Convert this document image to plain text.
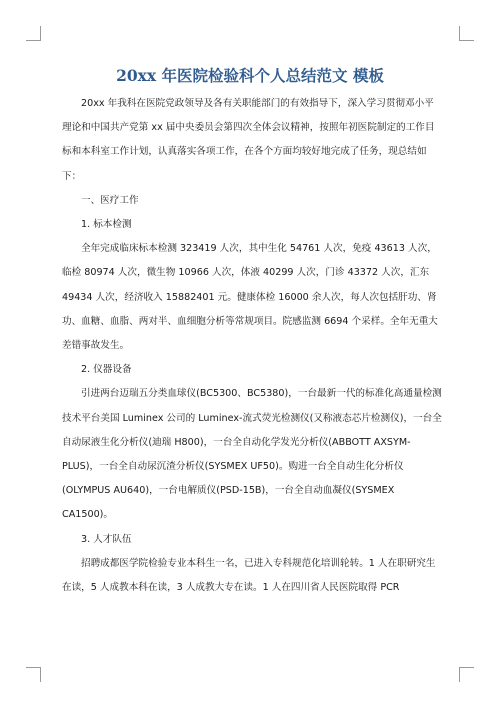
20xx 年医院检验科个人总结范文 模板

20xx 年我科在医院党政领导及各有关职能部门的有效指导下，深入学习贯彻邓小平理论和中国共产党第 xx 届中央委员会第四次全体会议精神，按照年初医院制定的工作目标和本科室工作计划，认真落实各项工作，在各个方面均较好地完成了任务，现总结如下：

一、医疗工作

1. 标本检测

全年完成临床标本检测 323419 人次，其中生化 54761 人次，免疫 43613 人次，临检 80974 人次，微生物 10966 人次，体液 40299 人次，门诊 43372 人次，汇东 49434 人次，经济收入 15882401 元。健康体检 16000 余人次，每人次包括肝功、肾功、血糖、血脂、两对半、血细胞分析等常规项目。院感监测 6694 个采样。全年无重大差错事故发生。

2. 仪器设备

引进两台迈瑞五分类血球仪(BC5300、BC5380)，一台最新一代的标准化高通量检测技术平台美国 Luminex 公司的 Luminex-流式荧光检测仪(又称液态芯片检测仪)，一台全自动尿液生化分析仪(迪瑞 H800)，一台全自动化学发光分析仪(ABBOTT AXSYM-PLUS)，一台全自动尿沉渣分析仪(SYSMEX UF50)。购进一台全自动生化分析仪(OLYMPUS AU640)，一台电解质仪(PSD-15B)，一台全自动血凝仪(SYSMEX CA1500)。

3. 人才队伍

招聘成都医学院检验专业本科生一名，已进入专科规范化培训轮转。1 人在职研究生在读，5 人成教本科在读，3 人成教大专在读。1 人在四川省人民医院取得 PCR
